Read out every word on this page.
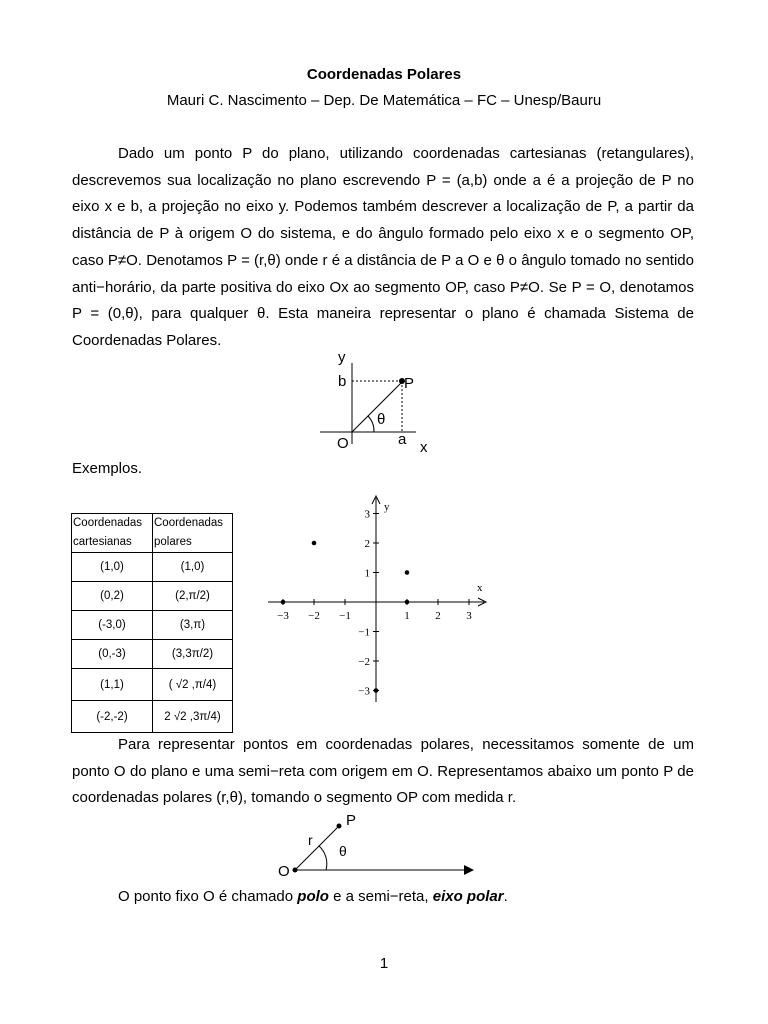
Coordenadas Polares
Mauri C. Nascimento – Dep. De Matemática – FC – Unesp/Bauru
Dado um ponto P do plano, utilizando coordenadas cartesianas (retangulares), descrevemos sua localização no plano escrevendo P = (a,b) onde a é a projeção de P no eixo x e b, a projeção no eixo y. Podemos também descrever a localização de P, a partir da distância de P à origem O do sistema, e do ângulo formado pelo eixo x e o segmento OP, caso P≠O. Denotamos P = (r,θ) onde r é a distância de P a O e θ o ângulo tomado no sentido anti−horário, da parte positiva do eixo Ox ao segmento OP, caso P≠O. Se P = O, denotamos P = (0,θ), para qualquer θ. Esta maneira representar o plano é chamada Sistema de Coordenadas Polares.
y
b	P
θ
O	a x
Exemplos.
Coordenadas cartesianas	Coordenadas polares
(1,0)	(1,0)
(0,2)	(2,π/2)
(-3,0)	(3,π)
(0,-3)	(3,3π/2)
(1,1)	( √2 ,π/4)
(-2,-2)	2 √2 ,3π/4)
y
x
−3 −2 −1	1 2 3
3
2
1
−1
−2
−3
Para representar pontos em coordenadas polares, necessitamos somente de um ponto O do plano e uma semi−reta com origem em O. Representamos abaixo um ponto P de coordenadas polares (r,θ), tomando o segmento OP com medida r.
r
P
θ
O
O ponto fixo O é chamado polo e a semi−reta, eixo polar.
1
